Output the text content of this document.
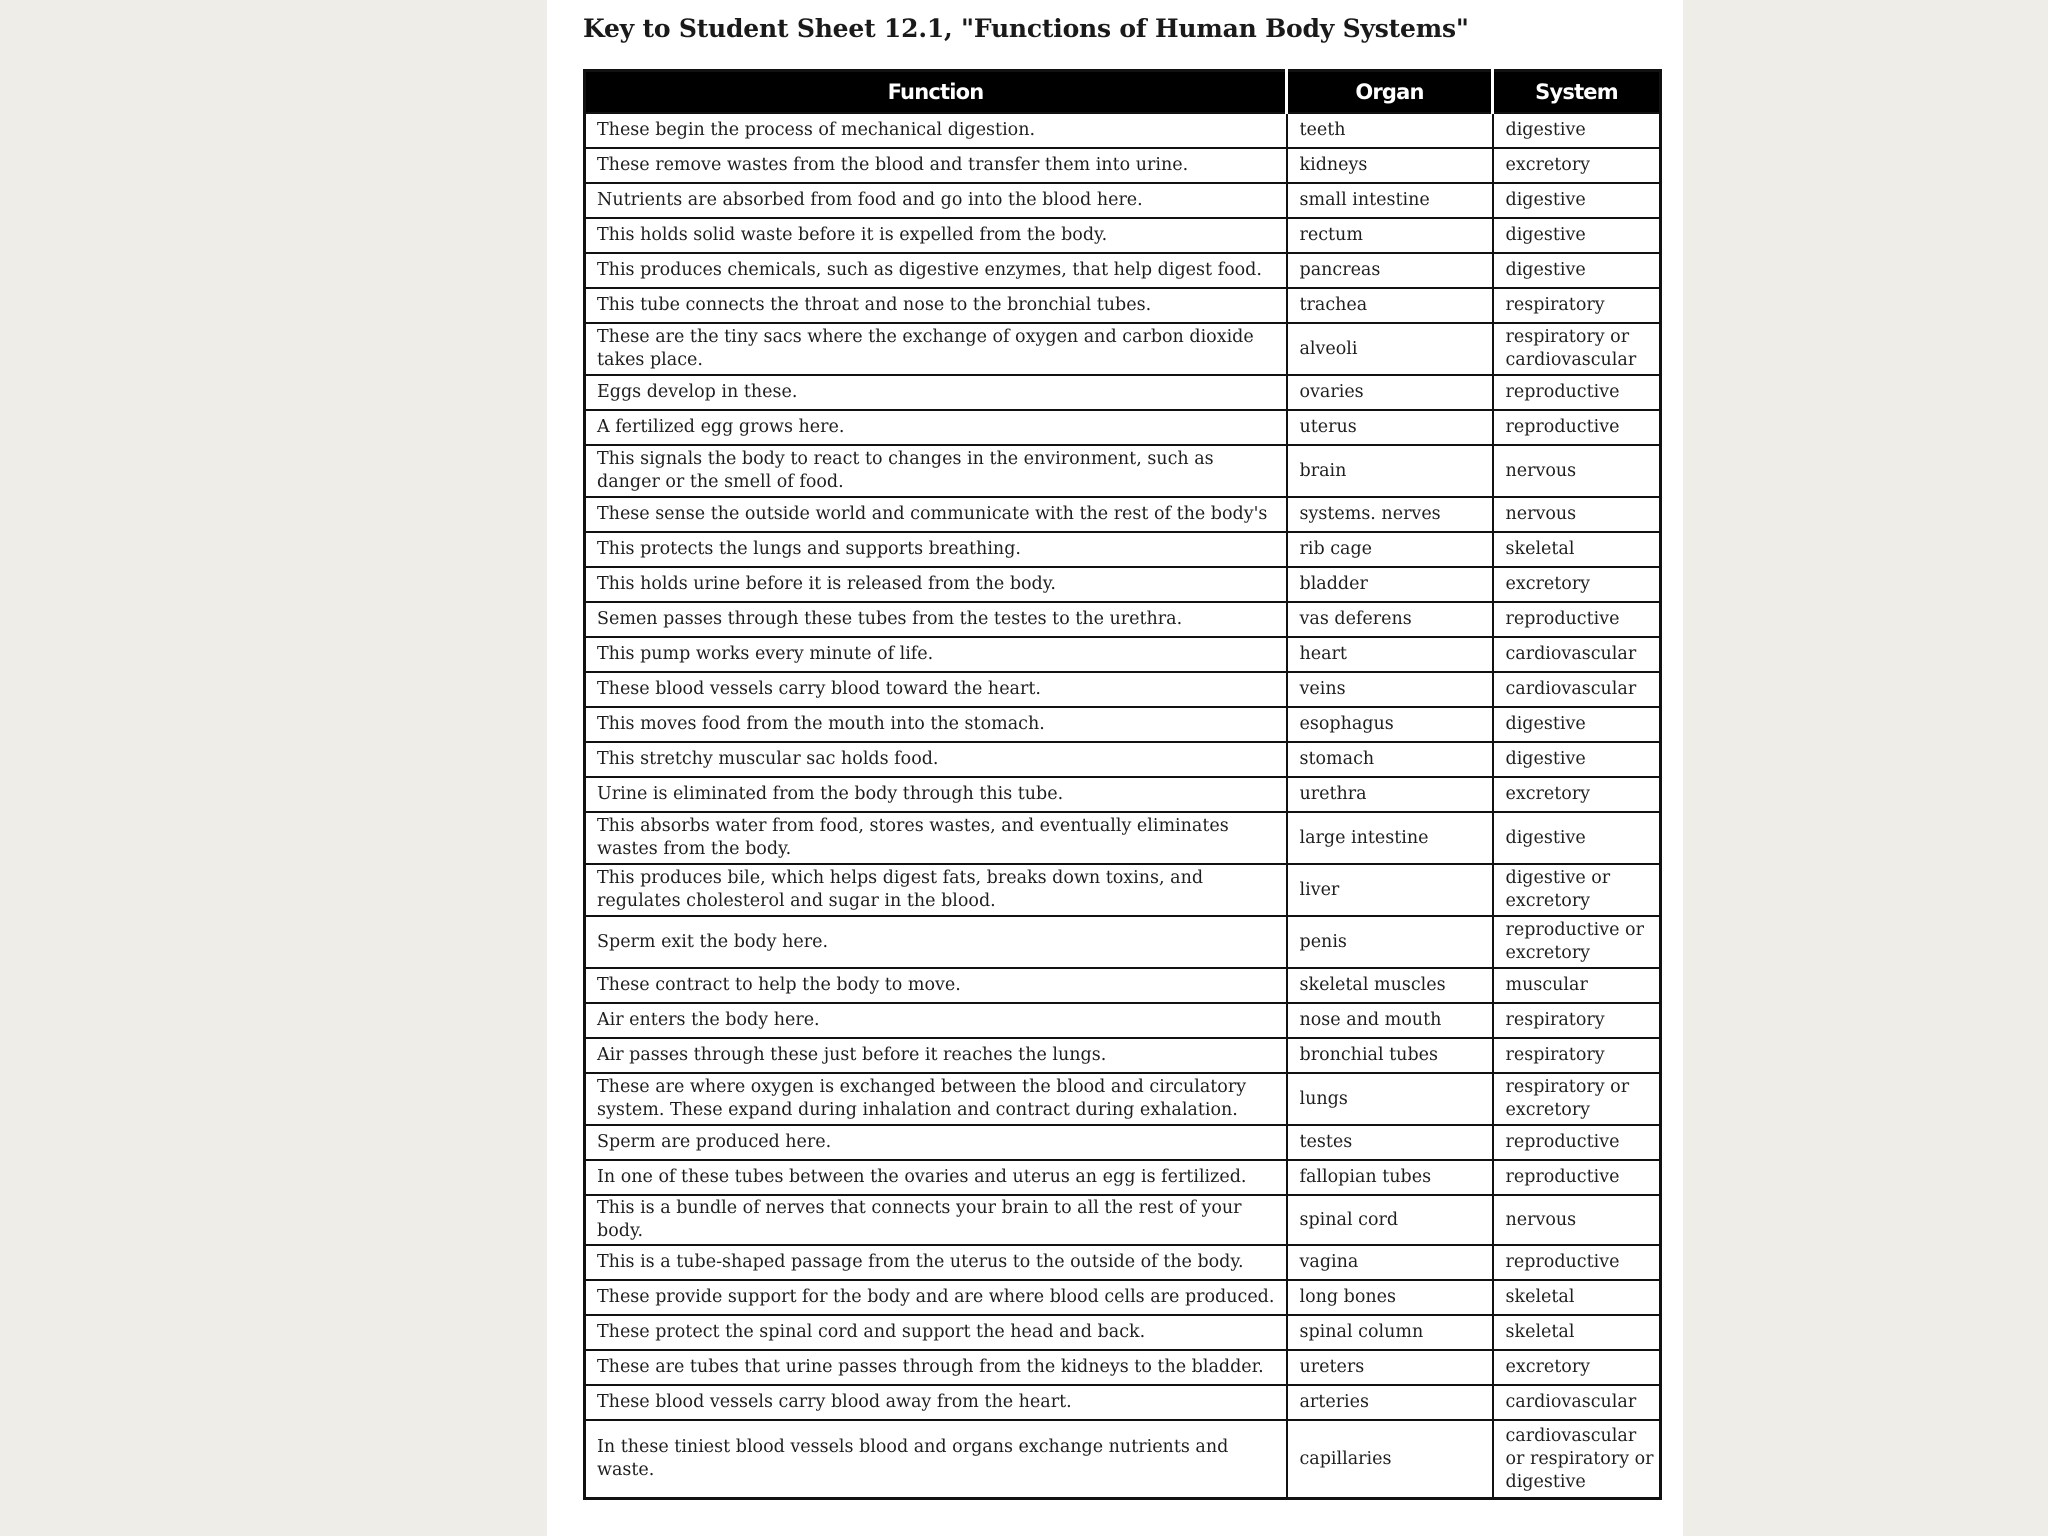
Key to Student Sheet 12.1, "Functions of Human Body Systems"
Function	Organ	System
These begin the process of mechanical digestion.	teeth	digestive
These remove wastes from the blood and transfer them into urine.	kidneys	excretory
Nutrients are absorbed from food and go into the blood here.	small intestine	digestive
This holds solid waste before it is expelled from the body.	rectum	digestive
This produces chemicals, such as digestive enzymes, that help digest food.	pancreas	digestive
This tube connects the throat and nose to the bronchial tubes.	trachea	respiratory
These are the tiny sacs where the exchange of oxygen and carbon dioxide takes place.	alveoli	respiratory or cardiovascular
Eggs develop in these.	ovaries	reproductive
A fertilized egg grows here.	uterus	reproductive
This signals the body to react to changes in the environment, such as danger or the smell of food.	brain	nervous
These sense the outside world and communicate with the rest of the body's	systems. nerves	nervous
This protects the lungs and supports breathing.	rib cage	skeletal
This holds urine before it is released from the body.	bladder	excretory
Semen passes through these tubes from the testes to the urethra.	vas deferens	reproductive
This pump works every minute of life.	heart	cardiovascular
These blood vessels carry blood toward the heart.	veins	cardiovascular
This moves food from the mouth into the stomach.	esophagus	digestive
This stretchy muscular sac holds food.	stomach	digestive
Urine is eliminated from the body through this tube.	urethra	excretory
This absorbs water from food, stores wastes, and eventually eliminates wastes from the body.	large intestine	digestive
This produces bile, which helps digest fats, breaks down toxins, and regulates cholesterol and sugar in the blood.	liver	digestive or excretory
Sperm exit the body here.	penis	reproductive or excretory
These contract to help the body to move.	skeletal muscles	muscular
Air enters the body here.	nose and mouth	respiratory
Air passes through these just before it reaches the lungs.	bronchial tubes	respiratory
These are where oxygen is exchanged between the blood and circulatory system. These expand during inhalation and contract during exhalation.	lungs	respiratory or excretory
Sperm are produced here.	testes	reproductive
In one of these tubes between the ovaries and uterus an egg is fertilized.	fallopian tubes	reproductive
This is a bundle of nerves that connects your brain to all the rest of your body.	spinal cord	nervous
This is a tube-shaped passage from the uterus to the outside of the body.	vagina	reproductive
These provide support for the body and are where blood cells are produced.	long bones	skeletal
These protect the spinal cord and support the head and back.	spinal column	skeletal
These are tubes that urine passes through from the kidneys to the bladder.	ureters	excretory
These blood vessels carry blood away from the heart.	arteries	cardiovascular
In these tiniest blood vessels blood and organs exchange nutrients and waste.	capillaries	cardiovascular or respiratory or digestive
